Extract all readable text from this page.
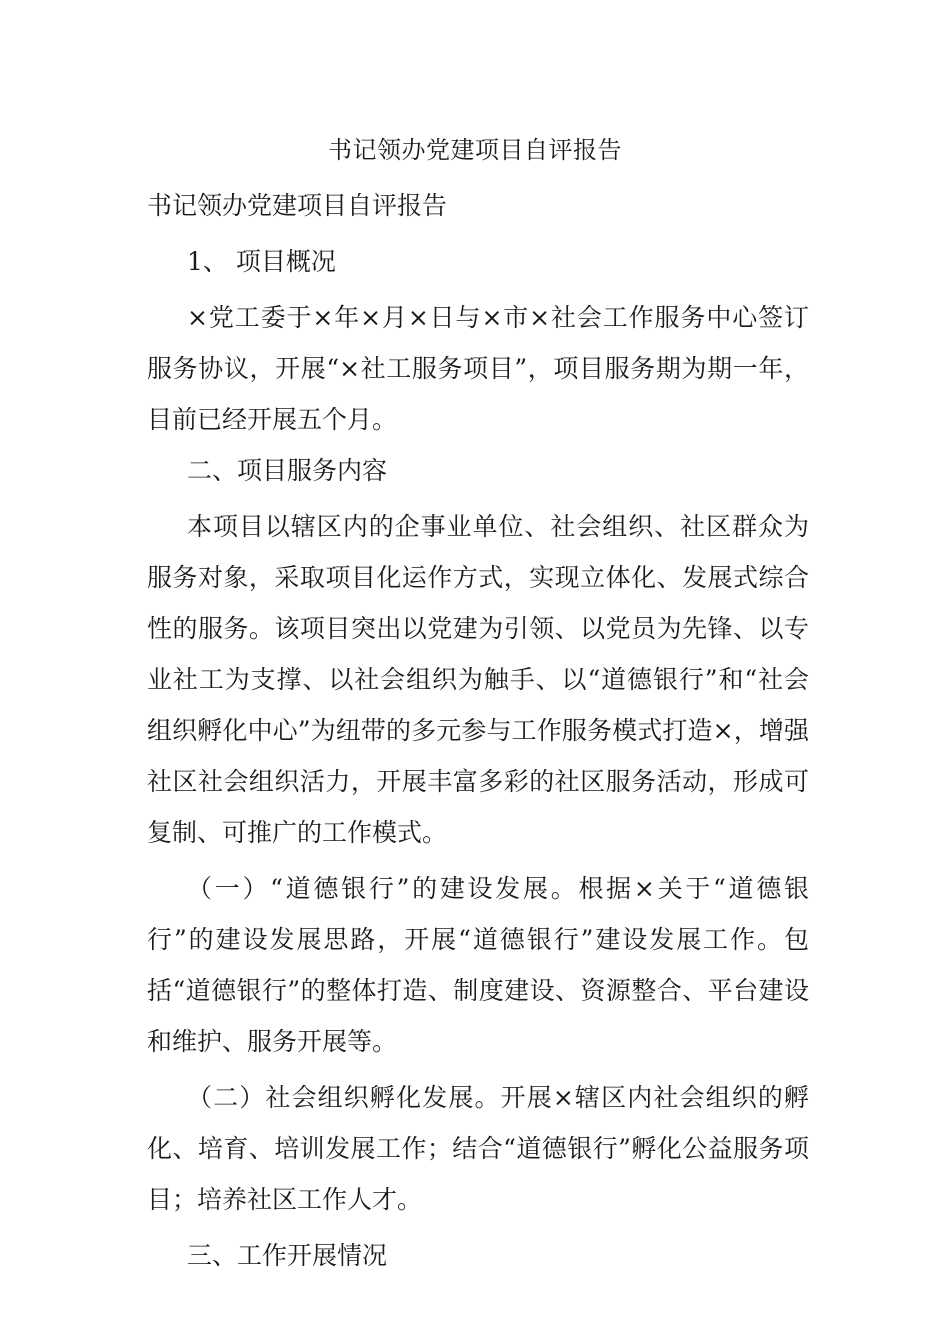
书记领办党建项目自评报告

书记领办党建项目自评报告

1、 项目概况

×党工委于×年×月×日与×市×社会工作服务中心签订服务协议，开展“×社工服务项目”，项目服务期为期一年，目前已经开展五个月。

二、项目服务内容

本项目以辖区内的企事业单位、社会组织、社区群众为服务对象，采取项目化运作方式，实现立体化、发展式综合性的服务。该项目突出以党建为引领、以党员为先锋、以专业社工为支撑、以社会组织为触手、以“道德银行”和“社会组织孵化中心”为纽带的多元参与工作服务模式打造×，增强社区社会组织活力，开展丰富多彩的社区服务活动，形成可复制、可推广的工作模式。

（一）“道德银行”的建设发展。根据×关于“道德银行”的建设发展思路，开展“道德银行”建设发展工作。包括“道德银行”的整体打造、制度建设、资源整合、平台建设和维护、服务开展等。

（二）社会组织孵化发展。开展×辖区内社会组织的孵化、培育、培训发展工作；结合“道德银行”孵化公益服务项目；培养社区工作人才。

三、工作开展情况
